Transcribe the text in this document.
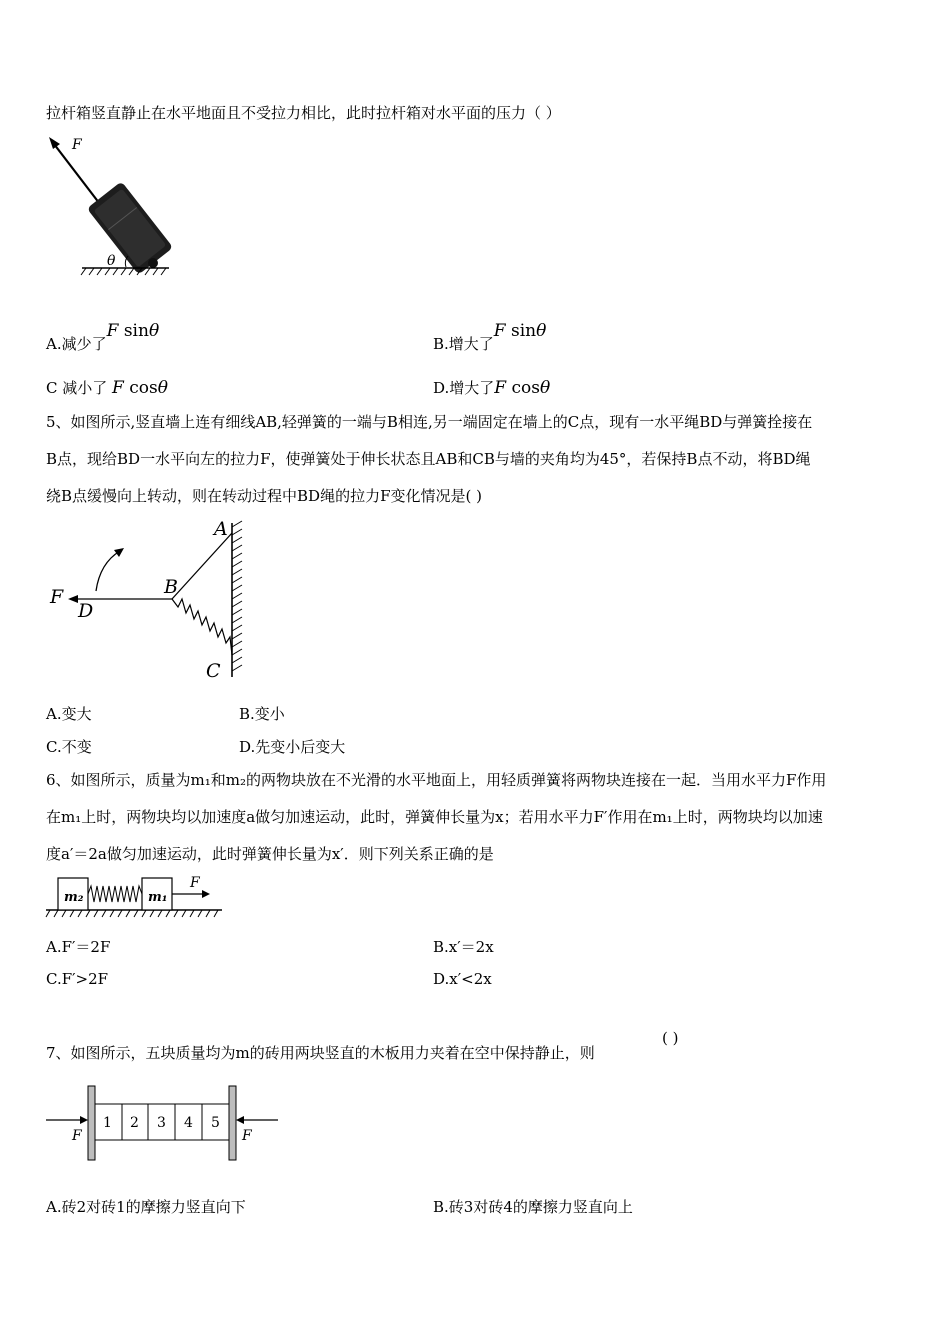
拉杆箱竖直静止在水平地面且不受拉力相比，此时拉杆箱对水平面的压力（ ）
F
θ
A.减少了F sinθ
B.增大了F sinθ
C 减小了 F cosθ	D.增大了F cosθ
5、如图所示,竖直墙上连有细线AB,轻弹簧的一端与B相连,另一端固定在墙上的C点，现有一水平绳BD与弹簧拴接在
B点，现给BD一水平向左的拉力F，使弹簧处于伸长状态且AB和CB与墙的夹角均为45°，若保持B点不动，将BD绳
绕B点缓慢向上转动，则在转动过程中BD绳的拉力F变化情况是( )
A
B
C
D
F
A.变大	B.变小
C.不变	D.先变小后变大
6、如图所示，质量为m₁和m₂的两物块放在不光滑的水平地面上，用轻质弹簧将两物块连接在一起．当用水平力F作用
在m₁上时，两物块均以加速度a做匀加速运动，此时，弹簧伸长量为x；若用水平力F′作用在m₁上时，两物块均以加速
度a′＝2a做匀加速运动，此时弹簧伸长量为x′．则下列关系正确的是
m₂	m₁
F
A.F′＝2F	B.x′＝2x
C.F′>2F	D.x′<2x
7、如图所示，五块质量均为m的砖用两块竖直的木板用力夹着在空中保持静止，则
( )
1 2 3 4 5
F	F
A.砖2对砖1的摩擦力竖直向下	B.砖3对砖4的摩擦力竖直向上
